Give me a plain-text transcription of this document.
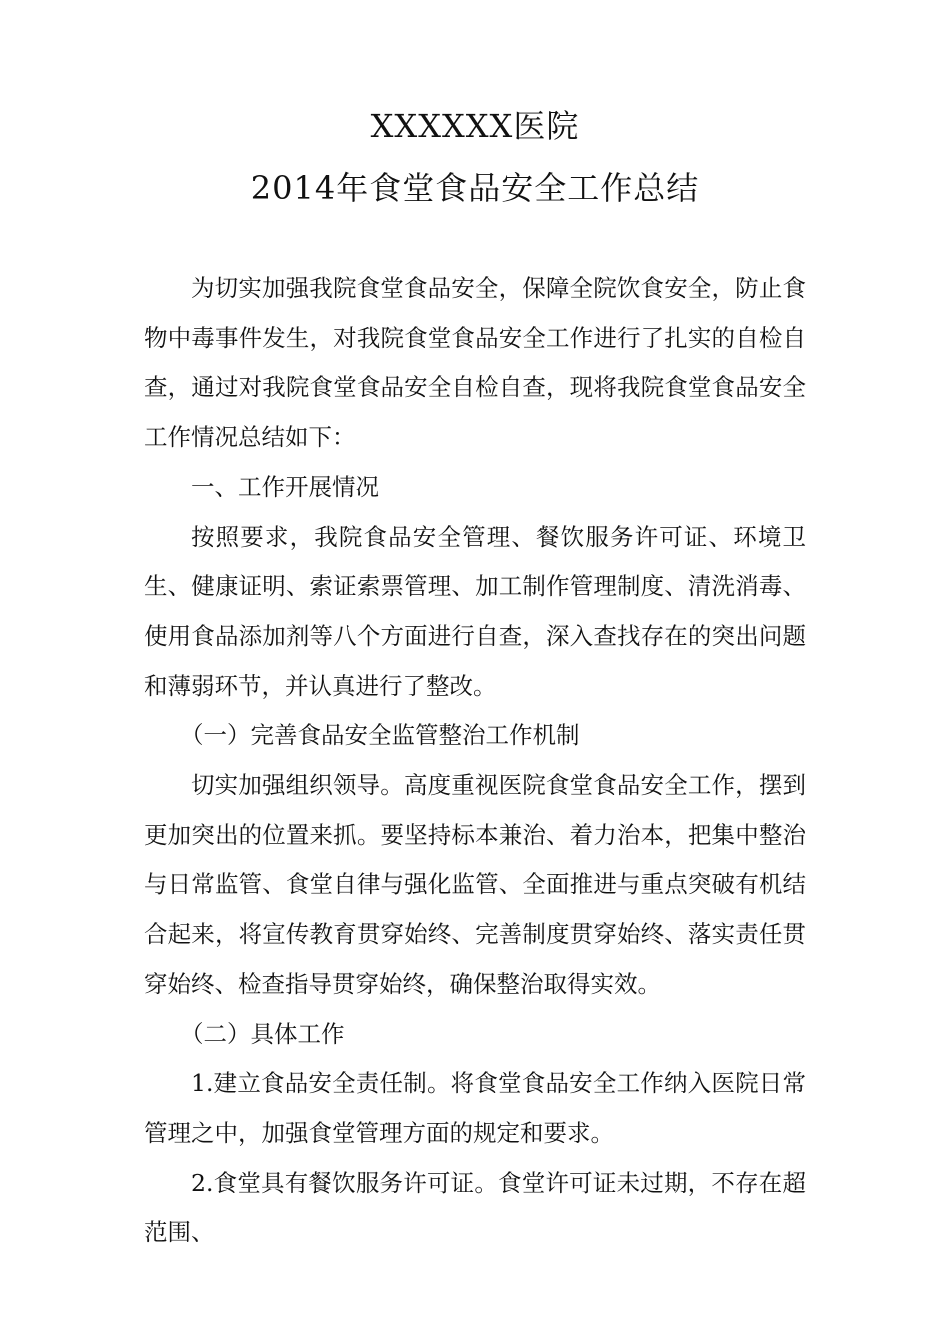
XXXXXX医院
2014年食堂食品安全工作总结

为切实加强我院食堂食品安全，保障全院饮食安全，防止食物中毒事件发生，对我院食堂食品安全工作进行了扎实的自检自查，通过对我院食堂食品安全自检自查，现将我院食堂食品安全工作情况总结如下：

一、工作开展情况

按照要求，我院食品安全管理、餐饮服务许可证、环境卫生、健康证明、索证索票管理、加工制作管理制度、清洗消毒、使用食品添加剂等八个方面进行自查，深入查找存在的突出问题和薄弱环节，并认真进行了整改。

（一）完善食品安全监管整治工作机制

切实加强组织领导。高度重视医院食堂食品安全工作，摆到更加突出的位置来抓。要坚持标本兼治、着力治本，把集中整治与日常监管、食堂自律与强化监管、全面推进与重点突破有机结合起来，将宣传教育贯穿始终、完善制度贯穿始终、落实责任贯穿始终、检查指导贯穿始终，确保整治取得实效。

（二）具体工作

1.建立食品安全责任制。将食堂食品安全工作纳入医院日常管理之中，加强食堂管理方面的规定和要求。

2.食堂具有餐饮服务许可证。食堂许可证未过期，不存在超范围、
